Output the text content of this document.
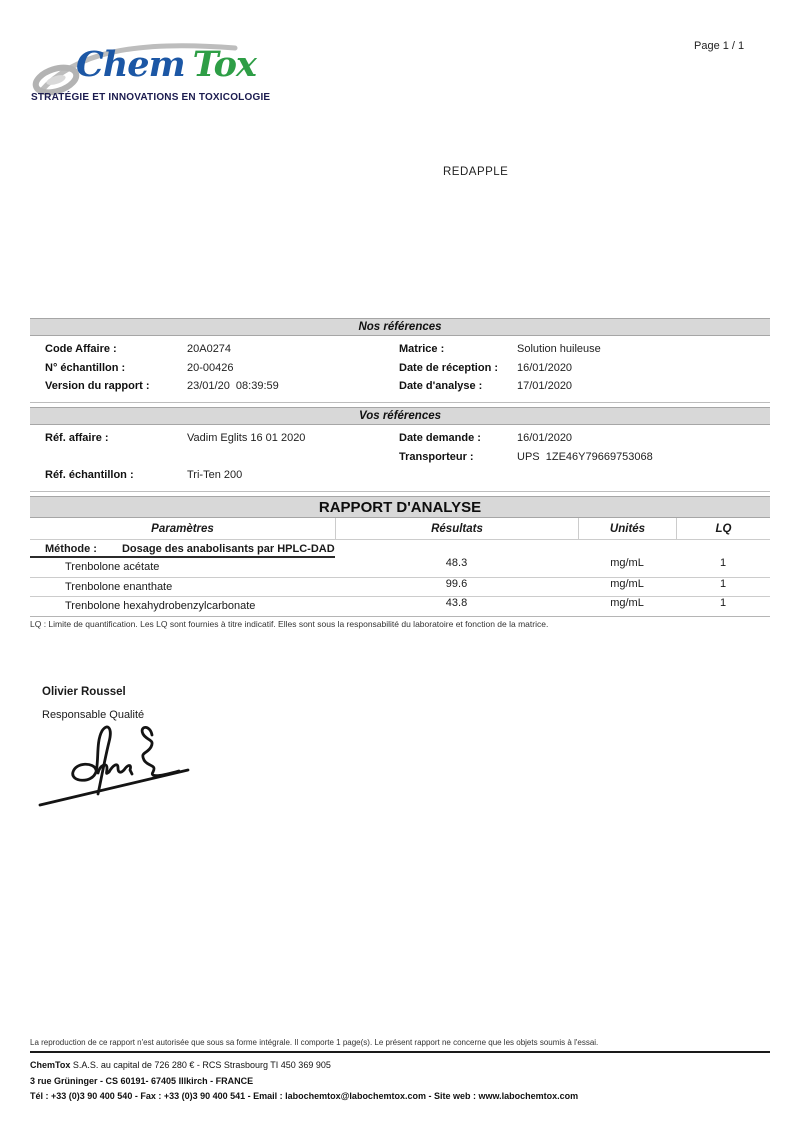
Chem Tox
STRATÉGIE ET INNOVATIONS EN TOXICOLOGIE
Page 1 / 1
REDAPPLE
Nos références
Code Affaire :	20A0274	Matrice :	Solution huileuse
N° échantillon :	20-00426	Date de réception :	16/01/2020
Version du rapport :	23/01/20  08:39:59	Date d'analyse :	17/01/2020
Vos références
Réf. affaire :	Vadim Eglits 16 01 2020	Date demande :	16/01/2020
Transporteur :	UPS  1ZE46Y79669753068
Réf. échantillon :	Tri-Ten 200
RAPPORT D'ANALYSE
Paramètres	Résultats	Unités	LQ
Méthode : Dosage des anabolisants par HPLC-DAD
Trenbolone acétate	48.3	mg/mL	1
Trenbolone enanthate	99.6	mg/mL	1
Trenbolone hexahydrobenzylcarbonate	43.8	mg/mL	1
LQ : Limite de quantification. Les LQ sont fournies à titre indicatif. Elles sont sous la responsabilité du laboratoire et fonction de la matrice.
Olivier Roussel
Responsable Qualité
La reproduction de ce rapport n'est autorisée que sous sa forme intégrale. Il comporte 1 page(s). Le présent rapport ne concerne que les objets soumis à l'essai.
ChemTox S.A.S. au capital de 726 280 € - RCS Strasbourg TI 450 369 905
3 rue Grüninger - CS 60191- 67405 Illkirch - FRANCE
Tél : +33 (0)3 90 400 540 - Fax : +33 (0)3 90 400 541 - Email : labochemtox@labochemtox.com - Site web : www.labochemtox.com
